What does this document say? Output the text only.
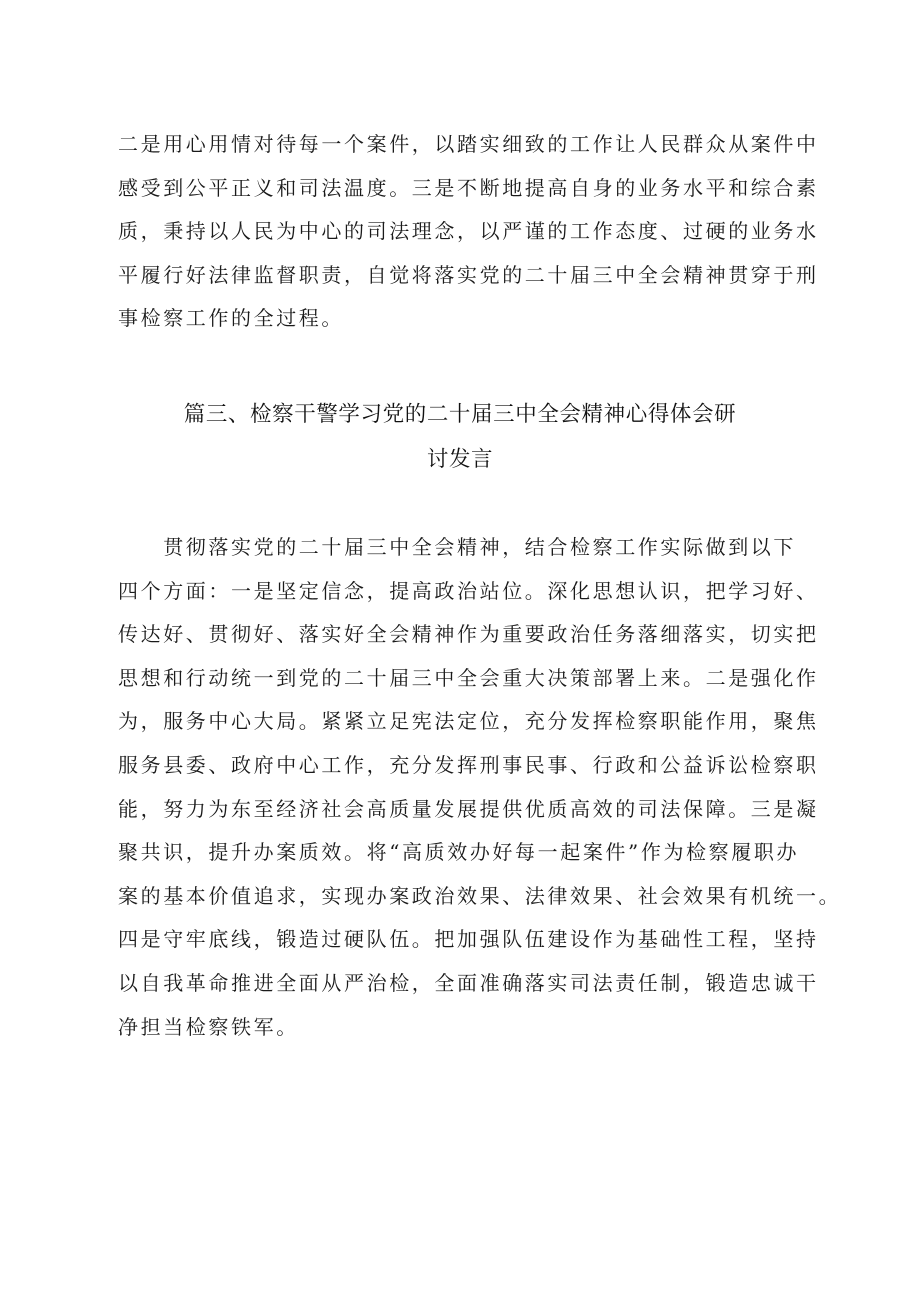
二是用心用情对待每一个案件，以踏实细致的工作让人民群众从案件中
感受到公平正义和司法温度。三是不断地提高自身的业务水平和综合素
质，秉持以人民为中心的司法理念，以严谨的工作态度、过硬的业务水
平履行好法律监督职责，自觉将落实党的二十届三中全会精神贯穿于刑
事检察工作的全过程。
篇三、检察干警学习党的二十届三中全会精神心得体会研
讨发言
　　贯彻落实党的二十届三中全会精神，结合检察工作实际做到以下
四个方面：一是坚定信念，提高政治站位。深化思想认识，把学习好、
传达好、贯彻好、落实好全会精神作为重要政治任务落细落实，切实把
思想和行动统一到党的二十届三中全会重大决策部署上来。二是强化作
为，服务中心大局。紧紧立足宪法定位，充分发挥检察职能作用，聚焦
服务县委、政府中心工作，充分发挥刑事民事、行政和公益诉讼检察职
能，努力为东至经济社会高质量发展提供优质高效的司法保障。三是凝
聚共识，提升办案质效。将“高质效办好每一起案件”作为检察履职办
案的基本价值追求，实现办案政治效果、法律效果、社会效果有机统一。
四是守牢底线，锻造过硬队伍。把加强队伍建设作为基础性工程，坚持
以自我革命推进全面从严治检，全面准确落实司法责任制，锻造忠诚干
净担当检察铁军。
